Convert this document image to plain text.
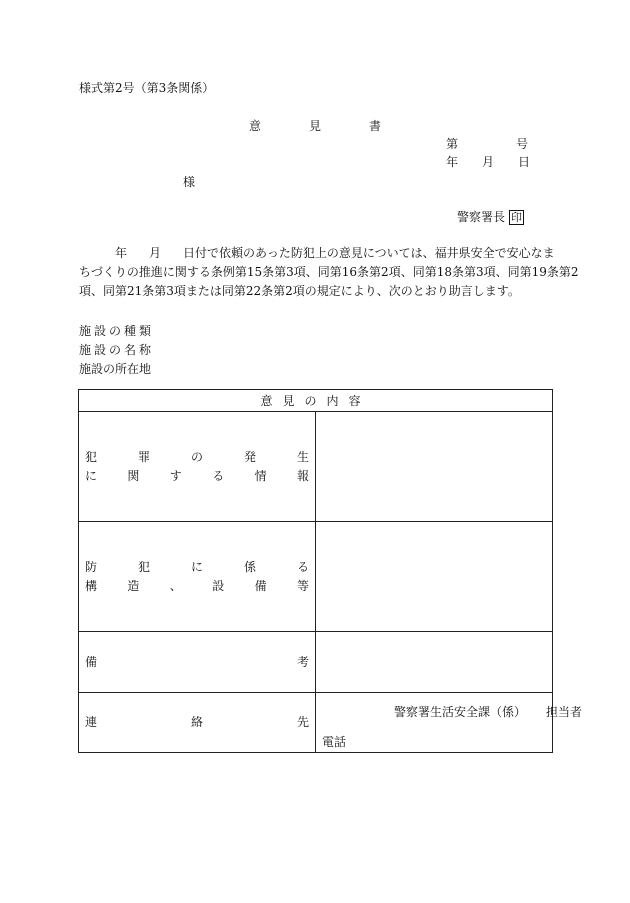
様式第2号（第3条関係）
意　見　書
第	号
年 月 日
様
警察署長 印
年 月 日付で依頼のあった防犯上の意見については、福井県安全で安心なま
ちづくりの推進に関する条例第15条第3項、同第16条第2項、同第18条第3項、同第19条第2
項、同第21条第3項または同第22条第2項の規定により、次のとおり助言します。
施設の種類
施設の名称
施設の所在地
意見の内容	

犯罪の発生
に関する情報	

防犯に係る
構造、設備等	

備考	
連絡先	警察署生活安全課（係） 担当者
電話
